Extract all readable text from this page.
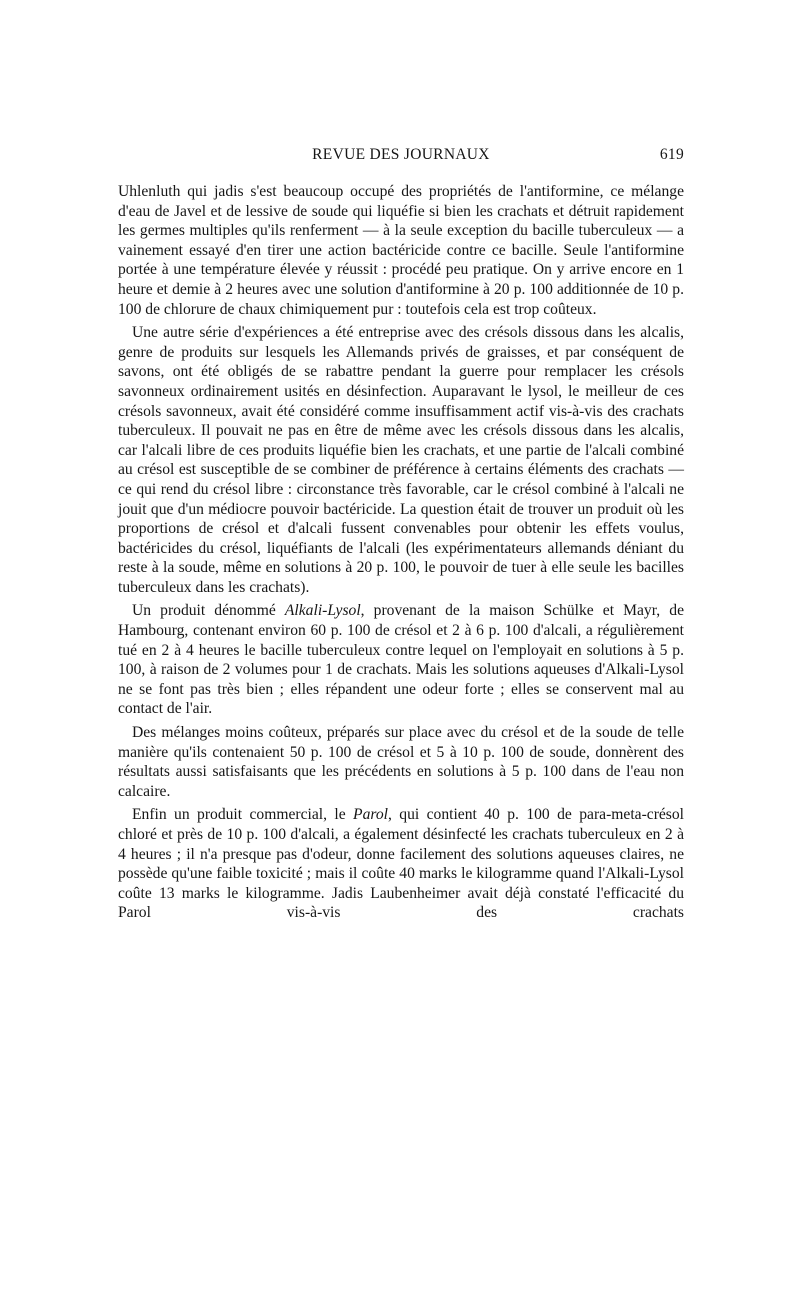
REVUE DES JOURNAUX	619

Uhlenluth qui jadis s'est beaucoup occupé des propriétés de l'antiformine, ce mélange d'eau de Javel et de lessive de soude qui liquéfie si bien les crachats et détruit rapidement les germes multiples qu'ils renferment — à la seule exception du bacille tuberculeux — a vainement essayé d'en tirer une action bactéricide contre ce bacille. Seule l'antiformine portée à une température élevée y réussit : procédé peu pratique. On y arrive encore en 1 heure et demie à 2 heures avec une solution d'antiformine à 20 p. 100 additionnée de 10 p. 100 de chlorure de chaux chimiquement pur : toutefois cela est trop coûteux.

Une autre série d'expériences a été entreprise avec des crésols dissous dans les alcalis, genre de produits sur lesquels les Allemands privés de graisses, et par conséquent de savons, ont été obligés de se rabattre pendant la guerre pour remplacer les crésols savonneux ordinairement usités en désinfection. Auparavant le lysol, le meilleur de ces crésols savonneux, avait été considéré comme insuffisamment actif vis-à-vis des crachats tuberculeux. Il pouvait ne pas en être de même avec les crésols dissous dans les alcalis, car l'alcali libre de ces produits liquéfie bien les crachats, et une partie de l'alcali combiné au crésol est susceptible de se combiner de préférence à certains éléments des crachats — ce qui rend du crésol libre : circonstance très favorable, car le crésol combiné à l'alcali ne jouit que d'un médiocre pouvoir bactéricide. La question était de trouver un produit où les proportions de crésol et d'alcali fussent convenables pour obtenir les effets voulus, bactéricides du crésol, liquéfiants de l'alcali (les expérimentateurs allemands déniant du reste à la soude, même en solutions à 20 p. 100, le pouvoir de tuer à elle seule les bacilles tuberculeux dans les crachats).

Un produit dénommé Alkali-Lysol, provenant de la maison Schülke et Mayr, de Hambourg, contenant environ 60 p. 100 de crésol et 2 à 6 p. 100 d'alcali, a régulièrement tué en 2 à 4 heures le bacille tuberculeux contre lequel on l'employait en solutions à 5 p. 100, à raison de 2 volumes pour 1 de crachats. Mais les solutions aqueuses d'Alkali-Lysol ne se font pas très bien ; elles répandent une odeur forte ; elles se conservent mal au contact de l'air.

Des mélanges moins coûteux, préparés sur place avec du crésol et de la soude de telle manière qu'ils contenaient 50 p. 100 de crésol et 5 à 10 p. 100 de soude, donnèrent des résultats aussi satisfaisants que les précédents en solutions à 5 p. 100 dans de l'eau non calcaire.

Enfin un produit commercial, le Parol, qui contient 40 p. 100 de para-meta-crésol chloré et près de 10 p. 100 d'alcali, a également désinfecté les crachats tuberculeux en 2 à 4 heures ; il n'a presque pas d'odeur, donne facilement des solutions aqueuses claires, ne possède qu'une faible toxicité ; mais il coûte 40 marks le kilogramme quand l'Alkali-Lysol coûte 13 marks le kilogramme. Jadis Laubenheimer avait déjà constaté l'efficacité du Parol vis-à-vis des crachats
